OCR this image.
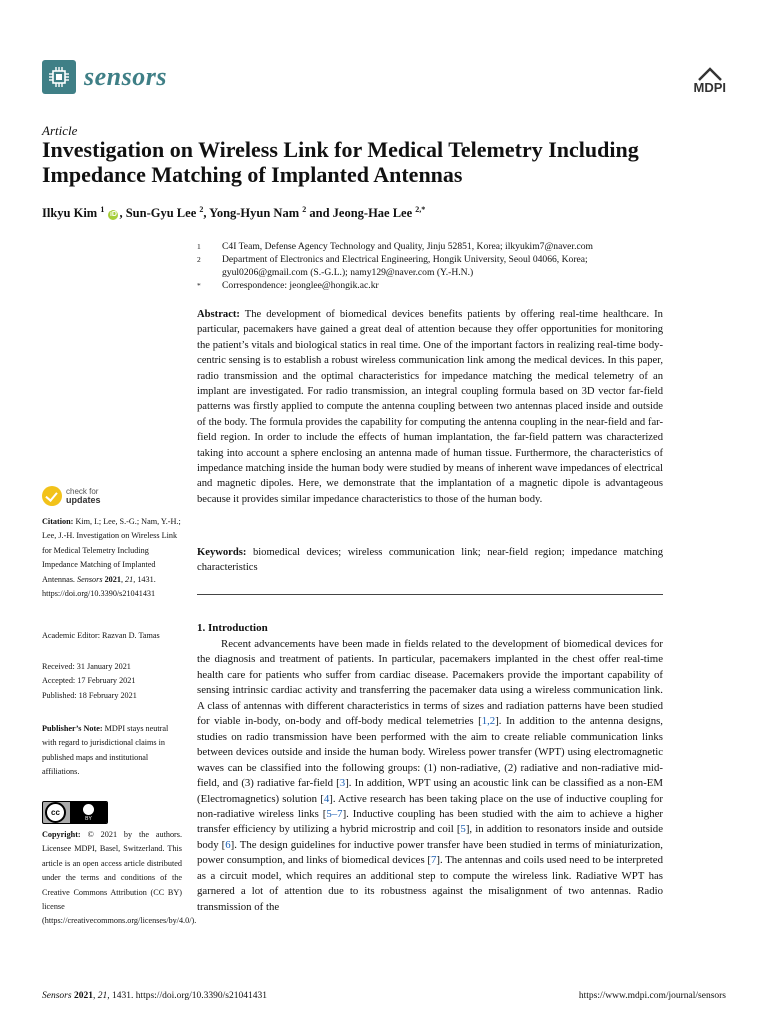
sensors	MDPI
Article
Investigation on Wireless Link for Medical Telemetry Including Impedance Matching of Implanted Antennas
Ilkyu Kim $^1$ iD , Sun-Gyu Lee $^2$, Yong-Hyun Nam $^2$ and Jeong-Hae Lee $^{2,*}$
1	C4I Team, Defense Agency Technology and Quality, Jinju 52851, Korea; ilkyukim7@naver.com
2	Department of Electronics and Electrical Engineering, Hongik University, Seoul 04066, Korea; gyul0206@gmail.com (S.-G.L.); namy129@naver.com (Y.-H.N.)
*	Correspondence: jeonglee@hongik.ac.kr
Abstract: The development of biomedical devices benefits patients by offering real-time healthcare. In particular, pacemakers have gained a great deal of attention because they offer opportunities for monitoring the patient’s vitals and biological statics in real time. One of the important factors in realizing real-time body-centric sensing is to establish a robust wireless communication link among the medical devices. In this paper, radio transmission and the optimal characteristics for impedance matching the medical telemetry of an implant are investigated. For radio transmission, an integral coupling formula based on 3D vector far-field patterns was firstly applied to compute the antenna coupling between two antennas placed inside and outside of the body. The formula provides the capability for computing the antenna coupling in the near-field and far-field region. In order to include the effects of human implantation, the far-field pattern was characterized taking into account a sphere enclosing an antenna made of human tissue. Furthermore, the characteristics of impedance matching inside the human body were studied by means of inherent wave impedances of electrical and magnetic dipoles. Here, we demonstrate that the implantation of a magnetic dipole is advantageous because it provides similar impedance characteristics to those of the human body.
Keywords: biomedical devices; wireless communication link; near-field region; impedance matching characteristics
1. Introduction

Recent advancements have been made in fields related to the development of biomedical devices for the diagnosis and treatment of patients. In particular, pacemakers implanted in the chest offer real-time health care for patients who suffer from cardiac disease. Pacemakers provide the important capability of sensing intrinsic cardiac activity and transferring the pacemaker data using a wireless communication link. A class of antennas with different characteristics in terms of sizes and radiation patterns have been studied for viable in-body, on-body and off-body medical telemetries [1,2]. In addition to the antenna designs, studies on radio transmission have been performed with the aim to create reliable communication links between devices outside and inside the human body. Wireless power transfer (WPT) using electromagnetic waves can be classified into the following groups: (1) non-radiative, (2) radiative and non-radiative mid-field, and (3) radiative far-field [3]. In addition, WPT using an acoustic link can be classified as a non-EM (Electromagnetics) solution [4]. Active research has been taking place on the use of inductive coupling for non-radiative wireless links [5–7]. Inductive coupling has been studied with the aim to achieve a higher transfer efficiency by utilizing a hybrid microstrip and coil [5], in addition to resonators inside and outside body [6]. The design guidelines for inductive power transfer have been studied in terms of miniaturization, power consumption, and links of biomedical devices [7]. The antennas and coils used need to be interpreted as a circuit model, which requires an additional step to compute the wireless link. Radiative WPT has garnered a lot of attention due to its robustness against the misalignment of two antennas. Radio transmission of the

check for
updates
Citation: Kim, I.; Lee, S.-G.; Nam, Y.-H.; Lee, J.-H. Investigation on Wireless Link for Medical Telemetry Including Impedance Matching of Implanted Antennas. Sensors 2021, 21, 1431. https://doi.org/10.3390/s21041431
Academic Editor: Razvan D. Tamas
Received: 31 January 2021
Accepted: 17 February 2021
Published: 18 February 2021
Publisher’s Note: MDPI stays neutral with regard to jurisdictional claims in published maps and institutional affiliations.
cc
BY
Copyright: © 2021 by the authors. Licensee MDPI, Basel, Switzerland. This article is an open access article distributed under the terms and conditions of the Creative Commons Attribution (CC BY) license (https://creativecommons.org/licenses/by/4.0/).
Sensors 2021, 21, 1431. https://doi.org/10.3390/s21041431	https://www.mdpi.com/journal/sensors
